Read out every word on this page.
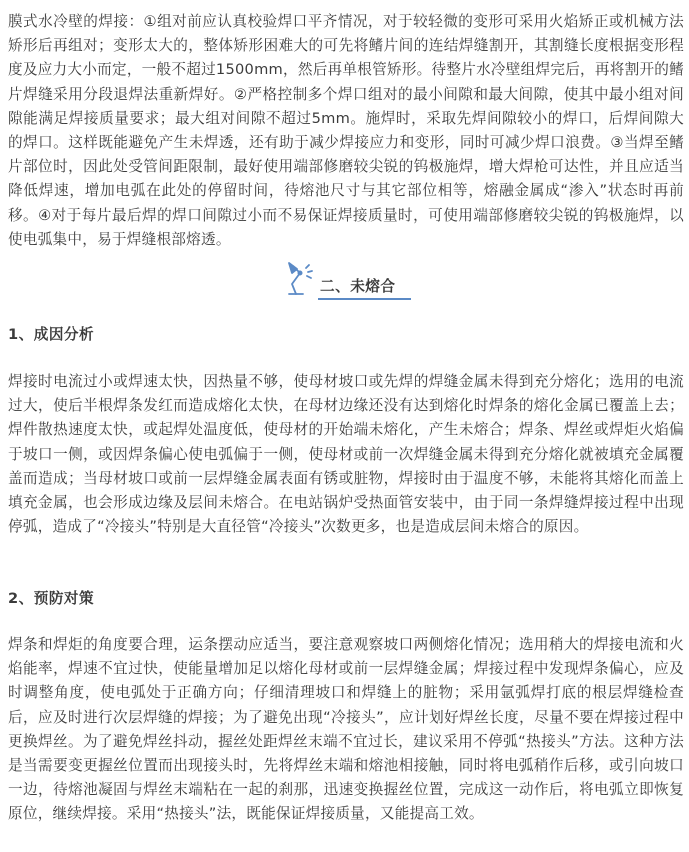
膜式水冷壁的焊接：①组对前应认真校验焊口平齐情况，对于较轻微的变形可采用火焰矫正或机械方法矫形后再组对；变形太大的，整体矫形困难大的可先将鳍片间的连结焊缝割开，其割缝长度根据变形程度及应力大小而定，一般不超过1500mm，然后再单根管矫形。待整片水冷壁组焊完后，再将割开的鳍片焊缝采用分段退焊法重新焊好。②严格控制多个焊口组对的最小间隙和最大间隙，使其中最小组对间隙能满足焊接质量要求；最大组对间隙不超过5mm。施焊时，采取先焊间隙较小的焊口，后焊间隙大的焊口。这样既能避免产生未焊透，还有助于减少焊接应力和变形，同时可减少焊口浪费。③当焊至鳍片部位时，因此处受管间距限制，最好使用端部修磨较尖锐的钨极施焊，增大焊枪可达性，并且应适当降低焊速，增加电弧在此处的停留时间，待熔池尺寸与其它部位相等，熔融金属成“渗入”状态时再前移。④对于每片最后焊的焊口间隙过小而不易保证焊接质量时，可使用端部修磨较尖锐的钨极施焊，以使电弧集中，易于焊缝根部熔透。

二、未熔合

1、成因分析

焊接时电流过小或焊速太快，因热量不够，使母材坡口或先焊的焊缝金属未得到充分熔化；选用的电流过大，使后半根焊条发红而造成熔化太快，在母材边缘还没有达到熔化时焊条的熔化金属已覆盖上去；焊件散热速度太快，或起焊处温度低，使母材的开始端未熔化，产生未熔合；焊条、焊丝或焊炬火焰偏于坡口一侧，或因焊条偏心使电弧偏于一侧，使母材或前一次焊缝金属未得到充分熔化就被填充金属覆盖而造成；当母材坡口或前一层焊缝金属表面有锈或脏物，焊接时由于温度不够，未能将其熔化而盖上填充金属，也会形成边缘及层间未熔合。在电站锅炉受热面管安装中，由于同一条焊缝焊接过程中出现停弧，造成了“冷接头”特别是大直径管“冷接头”次数更多，也是造成层间未熔合的原因。

2、预防对策

焊条和焊炬的角度要合理，运条摆动应适当，要注意观察坡口两侧熔化情况；选用稍大的焊接电流和火焰能率，焊速不宜过快，使能量增加足以熔化母材或前一层焊缝金属；焊接过程中发现焊条偏心，应及时调整角度，使电弧处于正确方向；仔细清理坡口和焊缝上的脏物；采用氩弧焊打底的根层焊缝检查后，应及时进行次层焊缝的焊接；为了避免出现“冷接头”，应计划好焊丝长度，尽量不要在焊接过程中更换焊丝。为了避免焊丝抖动，握丝处距焊丝末端不宜过长，建议采用不停弧“热接头”方法。这种方法是当需要变更握丝位置而出现接头时，先将焊丝末端和熔池相接触，同时将电弧稍作后移，或引向坡口一边，待熔池凝固与焊丝末端粘在一起的刹那，迅速变换握丝位置，完成这一动作后，将电弧立即恢复原位，继续焊接。采用“热接头”法，既能保证焊接质量，又能提高工效。
